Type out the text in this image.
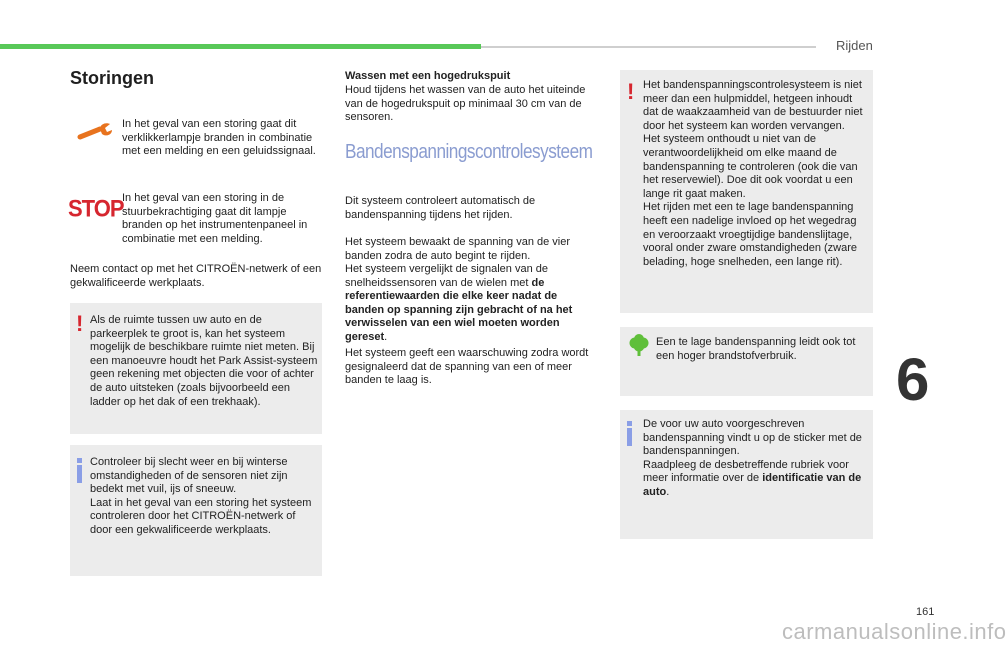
Rijden
Storingen

In het geval van een storing gaat dit verklikkerlampje branden in combinatie met een melding en een geluidssignaal.

STOP

In het geval van een storing in de stuurbekrachtiging gaat dit lampje branden op het instrumentenpaneel in combinatie met een melding.

Neem contact op met het CITROËN-netwerk of een gekwalificeerde werkplaats.

! Als de ruimte tussen uw auto en de parkeerplek te groot is, kan het systeem mogelijk de beschikbare ruimte niet meten. Bij een manoeuvre houdt het Park Assist-systeem geen rekening met objecten die voor of achter de auto uitsteken (zoals bijvoorbeeld een ladder op het dak of een trekhaak).

Controleer bij slecht weer en bij winterse omstandigheden of de sensoren niet zijn bedekt met vuil, ijs of sneeuw.
Laat in het geval van een storing het systeem controleren door het CITROËN-netwerk of door een gekwalificeerde werkplaats.

Wassen met een hogedrukspuit

Houd tijdens het wassen van de auto het uiteinde van de hogedrukspuit op minimaal 30 cm van de sensoren.

Bandenspanningscontrolesysteem

Dit systeem controleert automatisch de bandenspanning tijdens het rijden.

Het systeem bewaakt de spanning van de vier banden zodra de auto begint te rijden.

Het systeem vergelijkt de signalen van de snelheidssensoren van de wielen met de referentiewaarden die elke keer nadat de banden op spanning zijn gebracht of na het verwisselen van een wiel moeten worden gereset.

Het systeem geeft een waarschuwing zodra wordt gesignaleerd dat de spanning van een of meer banden te laag is.

! Het bandenspanningscontrolesysteem is niet meer dan een hulpmiddel, hetgeen inhoudt dat de waakzaamheid van de bestuurder niet door het systeem kan worden vervangen.
Het systeem onthoudt u niet van de verantwoordelijkheid om elke maand de bandenspanning te controleren (ook die van het reservewiel). Doe dit ook voordat u een lange rit gaat maken.
Het rijden met een te lage bandenspanning heeft een nadelige invloed op het wegedrag en veroorzaakt vroegtijdige bandenslijtage, vooral onder zware omstandigheden (zware belading, hoge snelheden, een lange rit).

Een te lage bandenspanning leidt ook tot een hoger brandstofverbruik.

De voor uw auto voorgeschreven bandenspanning vindt u op de sticker met de bandenspanningen.
Raadpleeg de desbetreffende rubriek voor meer informatie over de identificatie van de auto.

6
161
carmanualsonline.info
